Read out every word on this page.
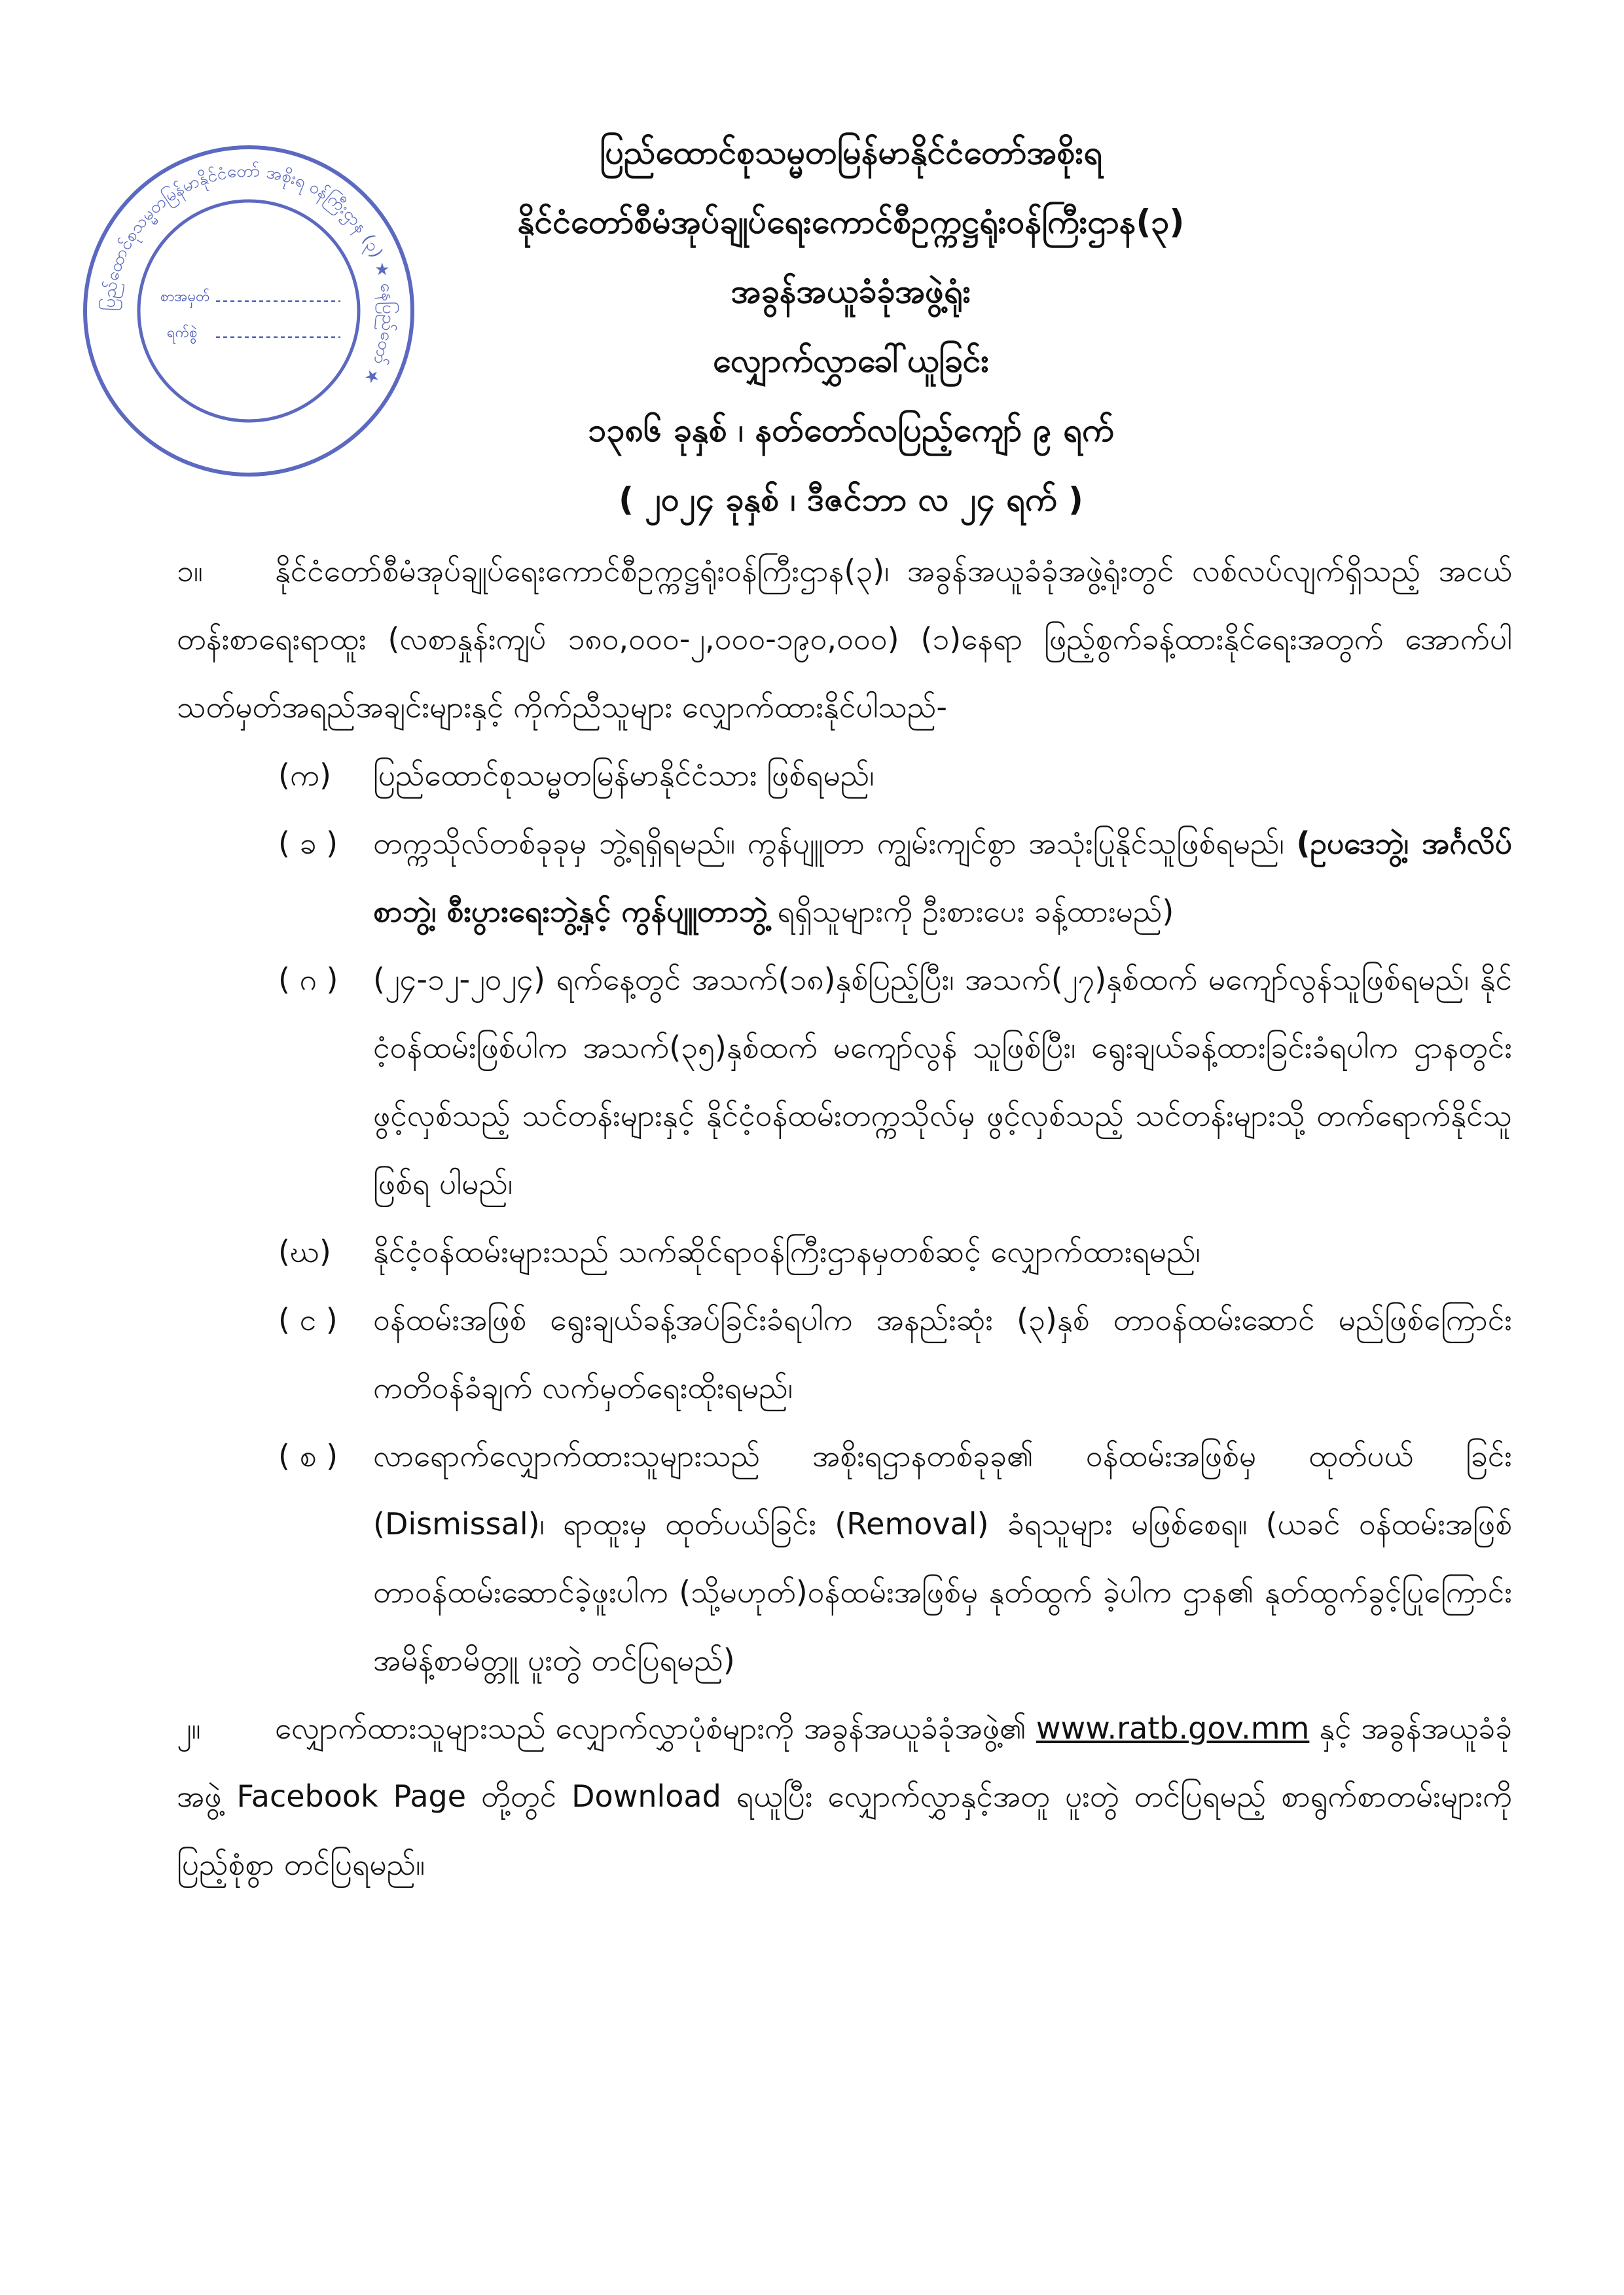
ပြည်ထောင်စုသမ္မတမြန်မာနိုင်ငံတော် အစိုးရ ဝန်ကြီးဌာန (၃) ★ နေပြည်တော် ★
စာအမှတ်
ရက်စွဲ
ပြည်ထောင်စုသမ္မတမြန်မာနိုင်ငံတော်အစိုးရ
နိုင်ငံတော်စီမံအုပ်ချုပ်ရေးကောင်စီဥက္ကဋ္ဌရုံးဝန်ကြီးဌာန(၃)
အခွန်အယူခံခုံအဖွဲ့ရုံး
လျှောက်လွှာခေါ်ယူခြင်း
၁၃၈၆ ခုနှစ် ၊ နတ်တော်လပြည့်ကျော် ၉ ရက်
( ၂၀၂၄ ခုနှစ် ၊ ဒီဇင်ဘာ လ ၂၄ ရက် )
၁။ နိုင်ငံတော်စီမံအုပ်ချုပ်ရေးကောင်စီဥက္ကဋ္ဌရုံးဝန်ကြီးဌာန(၃)၊ အခွန်အယူခံခုံအဖွဲ့ရုံးတွင် လစ်လပ်လျက်ရှိသည့် အငယ်တန်းစာရေးရာထူး (လစာနှုန်းကျပ် ၁၈၀,၀၀၀-၂,၀၀၀-၁၉၀,၀၀၀) (၁)နေရာ ဖြည့်စွက်ခန့်ထားနိုင်ရေးအတွက် အောက်ပါသတ်မှတ်အရည်အချင်းများနှင့် ကိုက်ညီသူများ လျှောက်ထားနိုင်ပါသည်-
(က)	ပြည်ထောင်စုသမ္မတမြန်မာနိုင်ငံသား ဖြစ်ရမည်၊
( ခ )	တက္ကသိုလ်တစ်ခုခုမှ ဘွဲ့ရရှိရမည်။ ကွန်ပျူတာ ကျွမ်းကျင်စွာ အသုံးပြုနိုင်သူဖြစ်ရမည်၊ (ဥပဒေဘွဲ့၊ အင်္ဂလိပ်စာဘွဲ့၊ စီးပွားရေးဘွဲ့နှင့် ကွန်ပျူတာဘွဲ့ ရရှိသူများကို ဦးစားပေး ခန့်ထားမည်)
( ဂ )	(၂၄-၁၂-၂၀၂၄) ရက်နေ့တွင် အသက်(၁၈)နှစ်ပြည့်ပြီး၊ အသက်(၂၇)နှစ်ထက် မကျော်လွန်သူဖြစ်ရမည်၊ နိုင်ငံ့ဝန်ထမ်းဖြစ်ပါက အသက်(၃၅)နှစ်ထက် မကျော်လွန် သူဖြစ်ပြီး၊ ရွေးချယ်ခန့်ထားခြင်းခံရပါက ဌာနတွင်း ဖွင့်လှစ်သည့် သင်တန်းများနှင့် နိုင်ငံ့ဝန်ထမ်းတက္ကသိုလ်မှ ဖွင့်လှစ်သည့် သင်တန်းများသို့ တက်ရောက်နိုင်သူ ဖြစ်ရ ပါမည်၊
(ဃ)	နိုင်ငံ့ဝန်ထမ်းများသည် သက်ဆိုင်ရာဝန်ကြီးဌာနမှတစ်ဆင့် လျှောက်ထားရမည်၊
( င )	ဝန်ထမ်းအဖြစ် ရွေးချယ်ခန့်အပ်ခြင်းခံရပါက အနည်းဆုံး (၃)နှစ် တာဝန်ထမ်းဆောင် မည်ဖြစ်ကြောင်း ကတိဝန်ခံချက် လက်မှတ်ရေးထိုးရမည်၊
( စ )	လာရောက်လျှောက်ထားသူများသည် အစိုးရဌာနတစ်ခုခု၏ ဝန်ထမ်းအဖြစ်မှ ထုတ်ပယ် ခြင်း (Dismissal)၊ ရာထူးမှ ထုတ်ပယ်ခြင်း (Removal) ခံရသူများ မဖြစ်စေရ။ (ယခင် ဝန်ထမ်းအဖြစ် တာဝန်ထမ်းဆောင်ခဲ့ဖူးပါက (သို့မဟုတ်)ဝန်ထမ်းအဖြစ်မှ နုတ်ထွက် ခဲ့ပါက ဌာန၏ နုတ်ထွက်ခွင့်ပြုကြောင်း အမိန့်စာမိတ္တူ ပူးတွဲ တင်ပြရမည်)
၂။ လျှောက်ထားသူများသည် လျှောက်လွှာပုံစံများကို အခွန်အယူခံခုံအဖွဲ့၏ www.ratb.gov.mm နှင့် အခွန်အယူခံခုံအဖွဲ့ Facebook Page တို့တွင် Download ရယူပြီး လျှောက်လွှာနှင့်အတူ ပူးတွဲ တင်ပြရမည့် စာရွက်စာတမ်းများကို ပြည့်စုံစွာ တင်ပြရမည်။
